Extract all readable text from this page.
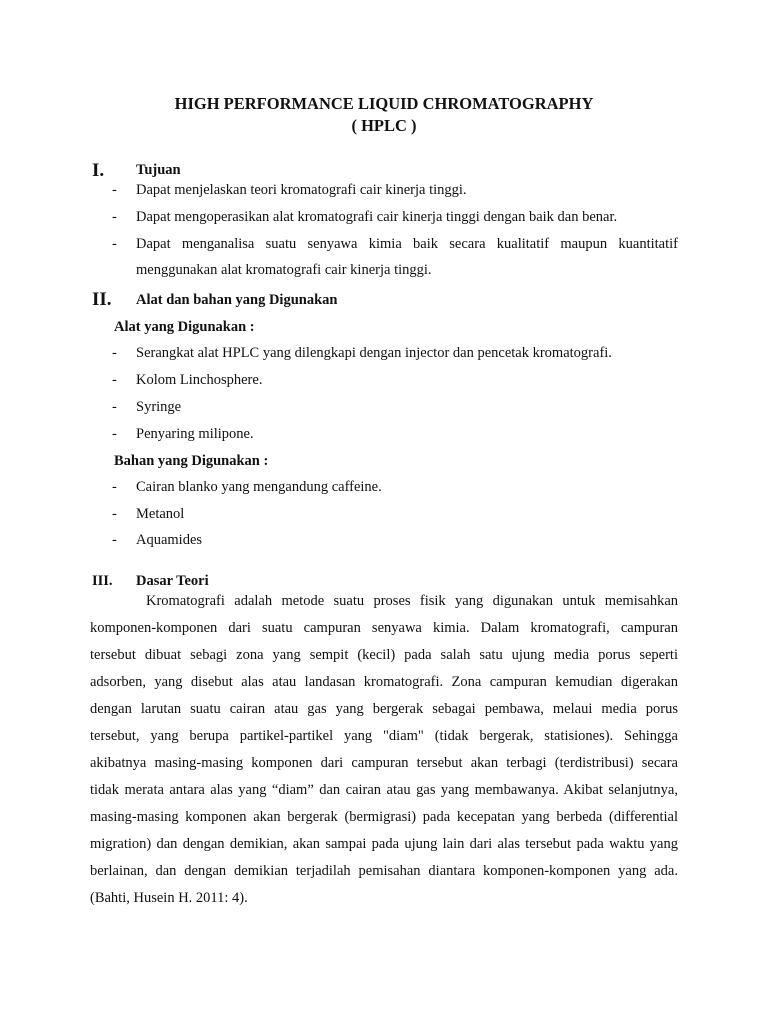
HIGH PERFORMANCE LIQUID CHROMATOGRAPHY
( HPLC )
I. Tujuan
- Dapat menjelaskan teori kromatografi cair kinerja tinggi.
- Dapat mengoperasikan alat kromatografi cair kinerja tinggi dengan baik dan benar.
- Dapat menganalisa suatu senyawa kimia baik secara kualitatif maupun kuantitatif
menggunakan alat kromatografi cair kinerja tinggi.
II. Alat dan bahan yang Digunakan
Alat yang Digunakan :
- Serangkat alat HPLC yang dilengkapi dengan injector dan pencetak kromatografi.
- Kolom Linchosphere.
- Syringe
- Penyaring milipone.
Bahan yang Digunakan :
- Cairan blanko yang mengandung caffeine.
- Metanol
- Aquamides
III. Dasar Teori
Kromatografi adalah metode suatu proses fisik yang digunakan untuk memisahkan
komponen-komponen dari suatu campuran senyawa kimia. Dalam kromatografi, campuran
tersebut dibuat sebagi zona yang sempit (kecil) pada salah satu ujung media porus seperti
adsorben, yang disebut alas atau landasan kromatografi. Zona campuran kemudian digerakan
dengan larutan suatu cairan atau gas yang bergerak sebagai pembawa, melaui media porus
tersebut, yang berupa partikel-partikel yang "diam" (tidak bergerak, statisiones). Sehingga
akibatnya masing-masing komponen dari campuran tersebut akan terbagi (terdistribusi) secara
tidak merata antara alas yang “diam” dan cairan atau gas yang membawanya. Akibat selanjutnya,
masing-masing komponen akan bergerak (bermigrasi) pada kecepatan yang berbeda (differential
migration) dan dengan demikian, akan sampai pada ujung lain dari alas tersebut pada waktu yang
berlainan, dan dengan demikian terjadilah pemisahan diantara komponen-komponen yang ada.
(Bahti, Husein H. 2011: 4).
